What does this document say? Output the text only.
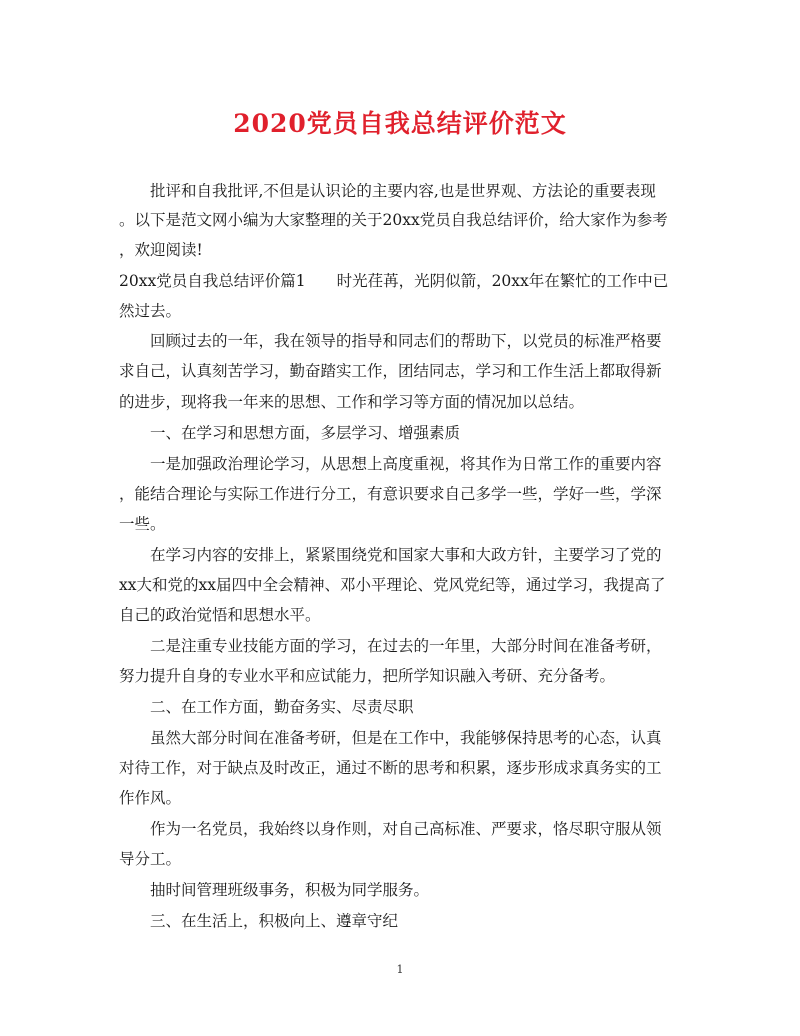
2020党员自我总结评价范文
　　批评和自我批评,不但是认识论的主要内容,也是世界观、方法论的重要表现
。以下是范文网小编为大家整理的关于20xx党员自我总结评价，给大家作为参考
，欢迎阅读!
20xx党员自我总结评价篇1　　时光荏苒，光阴似箭，20xx年在繁忙的工作中已
然过去。
　　回顾过去的一年，我在领导的指导和同志们的帮助下，以党员的标准严格要
求自己，认真刻苦学习，勤奋踏实工作，团结同志，学习和工作生活上都取得新
的进步，现将我一年来的思想、工作和学习等方面的情况加以总结。
　　一、在学习和思想方面，多层学习、增强素质
　　一是加强政治理论学习，从思想上高度重视，将其作为日常工作的重要内容
，能结合理论与实际工作进行分工，有意识要求自己多学一些，学好一些，学深
一些。
　　在学习内容的安排上，紧紧围绕党和国家大事和大政方针，主要学习了党的
xx大和党的xx届四中全会精神、邓小平理论、党风党纪等，通过学习，我提高了
自己的政治觉悟和思想水平。
　　二是注重专业技能方面的学习，在过去的一年里，大部分时间在准备考研，
努力提升自身的专业水平和应试能力，把所学知识融入考研、充分备考。
　　二、在工作方面，勤奋务实、尽责尽职
　　虽然大部分时间在准备考研，但是在工作中，我能够保持思考的心态，认真
对待工作，对于缺点及时改正，通过不断的思考和积累，逐步形成求真务实的工
作作风。
　　作为一名党员，我始终以身作则，对自己高标准、严要求，恪尽职守服从领
导分工。
　　抽时间管理班级事务，积极为同学服务。
　　三、在生活上，积极向上、遵章守纪
1
